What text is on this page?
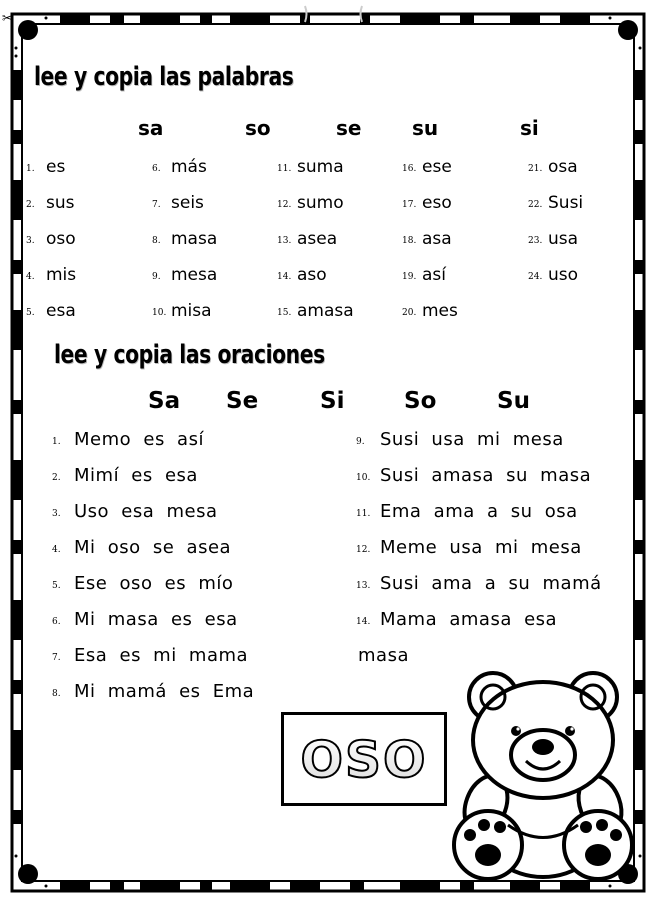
✂
lee y copia las palabras
sa	so	se	su	si
1. es
2. sus
3. oso
4. mis
5. esa
6. más
7. seis
8. masa
9. mesa
10. misa
11. suma
12. sumo
13. asea
14. aso
15. amasa
16. ese
17. eso
18. asa
19. así
20. mes
21. osa
22. Susi
23. usa
24. uso
lee y copia las oraciones
Sa Se	Si	So	Su
1. Memo es así
2. Mimí es esa
3. Uso esa mesa
4. Mi oso se asea
5. Ese oso es mío
6. Mi masa es esa
7. Esa es mi mama
8. Mi mamá es Ema
9. Susi usa mi mesa
10. Susi amasa su masa
11. Ema ama a su osa
12. Meme usa mi mesa
13. Susi ama a su mamá
14. Mama amasa esa
masa
OSO
